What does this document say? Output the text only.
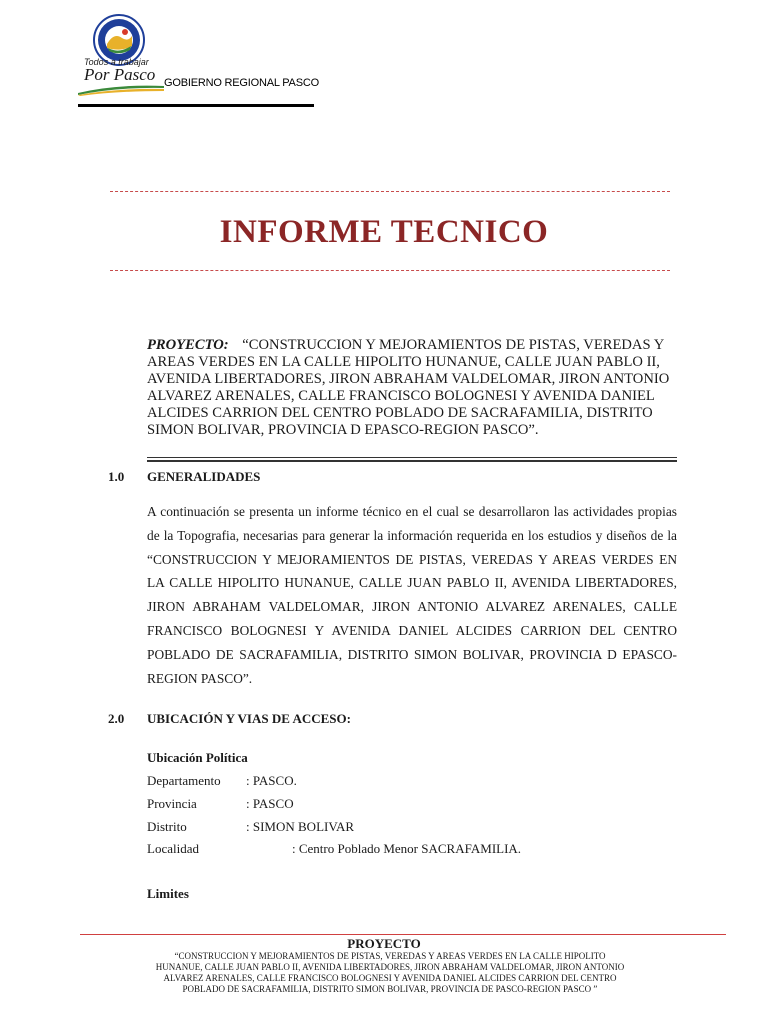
Todos a trabajar
Por Pasco GOBIERNO REGIONAL PASCO
INFORME TECNICO
PROYECTO: “CONSTRUCCION Y MEJORAMIENTOS DE PISTAS, VEREDAS Y AREAS VERDES EN LA CALLE HIPOLITO HUNANUE, CALLE JUAN PABLO II, AVENIDA LIBERTADORES, JIRON ABRAHAM VALDELOMAR, JIRON ANTONIO ALVAREZ ARENALES, CALLE FRANCISCO BOLOGNESI Y AVENIDA DANIEL ALCIDES CARRION DEL CENTRO POBLADO DE SACRAFAMILIA, DISTRITO SIMON BOLIVAR, PROVINCIA D EPASCO-REGION PASCO”.
1.0 GENERALIDADES
A continuación se presenta un informe técnico en el cual se desarrollaron las actividades propias de la Topografia, necesarias para generar la información requerida en los estudios y diseños de la “CONSTRUCCION Y MEJORAMIENTOS DE PISTAS, VEREDAS Y AREAS VERDES EN LA CALLE HIPOLITO HUNANUE, CALLE JUAN PABLO II, AVENIDA LIBERTADORES, JIRON ABRAHAM VALDELOMAR, JIRON ANTONIO ALVAREZ ARENALES, CALLE FRANCISCO BOLOGNESI Y AVENIDA DANIEL ALCIDES CARRION DEL CENTRO POBLADO DE SACRAFAMILIA, DISTRITO SIMON BOLIVAR, PROVINCIA D EPASCO-REGION PASCO”.
2.0 UBICACIÓN Y VIAS DE ACCESO:
Ubicación Política
Departamento : PASCO.
Provincia	: PASCO
Distrito	: SIMON BOLIVAR
Localidad	: Centro Poblado Menor SACRAFAMILIA.
Limites
PROYECTO
“CONSTRUCCION Y MEJORAMIENTOS DE PISTAS, VEREDAS Y AREAS VERDES EN LA CALLE HIPOLITO HUNANUE, CALLE JUAN PABLO II, AVENIDA LIBERTADORES, JIRON ABRAHAM VALDELOMAR, JIRON ANTONIO ALVAREZ ARENALES, CALLE FRANCISCO BOLOGNESI Y AVENIDA DANIEL ALCIDES CARRION DEL CENTRO POBLADO DE SACRAFAMILIA, DISTRITO SIMON BOLIVAR, PROVINCIA DE PASCO-REGION PASCO ”
